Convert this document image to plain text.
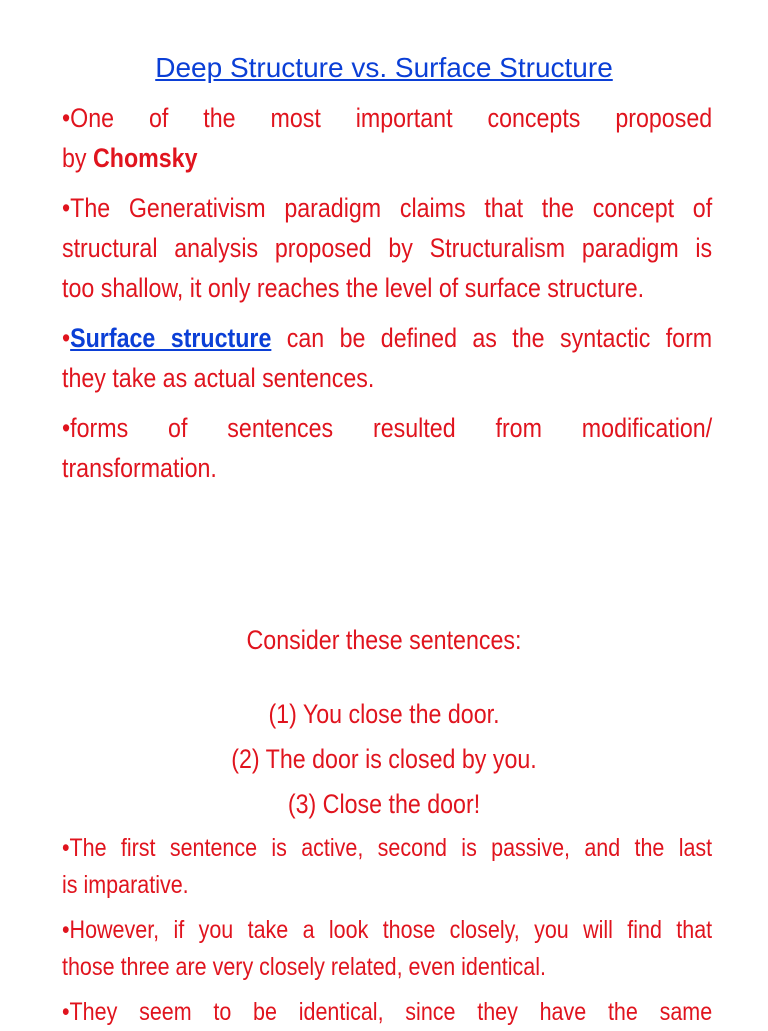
Deep Structure vs. Surface Structure
•One of the most important concepts proposed
by Chomsky
•The Generativism paradigm claims that the concept of
structural analysis proposed by Structuralism paradigm is
too shallow, it only reaches the level of surface structure.
•Surface structure can be defined as the syntactic form
they take as actual sentences.
•forms of sentences resulted from modification/
transformation.
Consider these sentences:
(1) You close the door.
(2) The door is closed by you.
(3) Close the door!
•The first sentence is active, second is passive, and the last
is imparative.
•However, if you take a look those closely, you will find that
those three are very closely related, even identical.
•They seem to be identical, since they have the same
